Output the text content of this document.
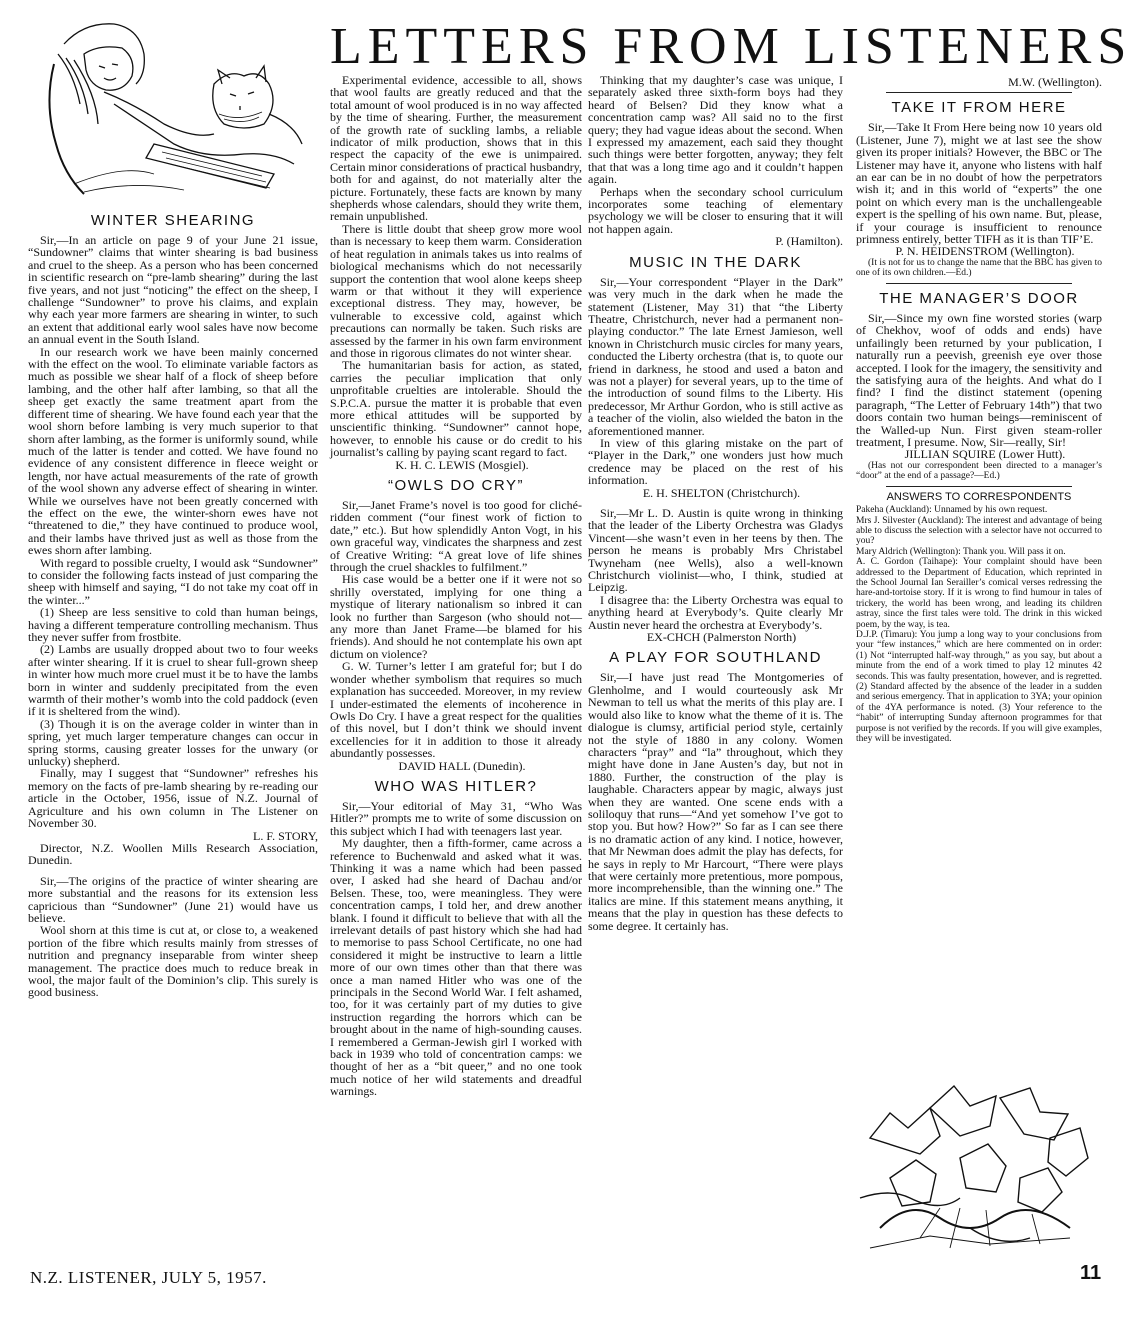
LETTERS FROM LISTENERS
WINTER SHEARING

Sir,—In an article on page 9 of your June 21 issue, “Sundowner” claims that winter shearing is bad business and cruel to the sheep. As a person who has been concerned in scientific research on “pre-lamb shearing” during the last five years, and not just “noticing” the effect on the sheep, I challenge “Sundowner” to prove his claims, and explain why each year more farmers are shearing in winter, to such an extent that additional early wool sales have now become an annual event in the South Island.

In our research work we have been mainly concerned with the effect on the wool. To eliminate variable factors as much as possible we shear half of a flock of sheep before lambing, and the other half after lambing, so that all the sheep get exactly the same treatment apart from the different time of shearing. We have found each year that the wool shorn before lambing is very much superior to that shorn after lambing, as the former is uniformly sound, while much of the latter is tender and cotted. We have found no evidence of any consistent difference in fleece weight or length, nor have actual measurements of the rate of growth of the wool shown any adverse effect of shearing in winter. While we ourselves have not been greatly concerned with the effect on the ewe, the winter-shorn ewes have not “threatened to die,” they have continued to produce wool, and their lambs have thrived just as well as those from the ewes shorn after lambing.

With regard to possible cruelty, I would ask “Sundowner” to consider the following facts instead of just comparing the sheep with himself and saying, “I do not take my coat off in the winter...”

(1) Sheep are less sensitive to cold than human beings, having a different temperature controlling mechanism. Thus they never suffer from frostbite.

(2) Lambs are usually dropped about two to four weeks after winter shearing. If it is cruel to shear full-grown sheep in winter how much more cruel must it be to have the lambs born in winter and suddenly precipitated from the even warmth of their mother’s womb into the cold paddock (even if it is sheltered from the wind).

(3) Though it is on the average colder in winter than in spring, yet much larger temperature changes can occur in spring storms, causing greater losses for the unwary (or unlucky) shepherd.

Finally, may I suggest that “Sundowner” refreshes his memory on the facts of pre-lamb shearing by re-reading our article in the October, 1956, issue of N.Z. Journal of Agriculture and his own column in The Listener on November 30.

L. F. STORY,

Director, N.Z. Woollen Mills Research Association, Dunedin.

Sir,—The origins of the practice of winter shearing are more substantial and the reasons for its extension less capricious than “Sundowner” (June 21) would have us believe.

Wool shorn at this time is cut at, or close to, a weakened portion of the fibre which results mainly from stresses of nutrition and pregnancy inseparable from winter sheep management. The practice does much to reduce break in wool, the major fault of the Dominion’s clip. This surely is good business.

Experimental evidence, accessible to all, shows that wool faults are greatly reduced and that the total amount of wool produced is in no way affected by the time of shearing. Further, the measurement of the growth rate of suckling lambs, a reliable indicator of milk production, shows that in this respect the capacity of the ewe is unimpaired. Certain minor considerations of practical husbandry, both for and against, do not materially alter the picture. Fortunately, these facts are known by many shepherds whose calendars, should they write them, remain unpublished.

There is little doubt that sheep grow more wool than is necessary to keep them warm. Consideration of heat regulation in animals takes us into realms of biological mechanisms which do not necessarily support the contention that wool alone keeps sheep warm or that without it they will experience exceptional distress. They may, however, be vulnerable to excessive cold, against which precautions can normally be taken. Such risks are assessed by the farmer in his own farm environment and those in rigorous climates do not winter shear.

The humanitarian basis for action, as stated, carries the peculiar implication that only unprofitable cruelties are intolerable. Should the S.P.C.A. pursue the matter it is probable that even more ethical attitudes will be supported by unscientific thinking. “Sundowner” cannot hope, however, to ennoble his cause or do credit to his journalist’s calling by paying scant regard to fact.

K. H. C. LEWIS (Mosgiel).

“OWLS DO CRY”

Sir,—Janet Frame’s novel is too good for cliché-ridden comment (“our finest work of fiction to date,” etc.). But how splendidly Anton Vogt, in his own graceful way, vindicates the sharpness and zest of Creative Writing: “A great love of life shines through the cruel shackles to fulfilment.”

His case would be a better one if it were not so shrilly overstated, implying for one thing a mystique of literary nationalism so inbred it can look no further than Sargeson (who should not—any more than Janet Frame—be blamed for his friends). And should he not contemplate his own apt dictum on violence?

G. W. Turner’s letter I am grateful for; but I do wonder whether symbolism that requires so much explanation has succeeded. Moreover, in my review I under-estimated the elements of incoherence in Owls Do Cry. I have a great respect for the qualities of this novel, but I don’t think we should invent excellencies for it in addition to those it already abundantly possesses.

DAVID HALL (Dunedin).

WHO WAS HITLER?

Sir,—Your editorial of May 31, “Who Was Hitler?” prompts me to write of some discussion on this subject which I had with teenagers last year.

My daughter, then a fifth-former, came across a reference to Buchenwald and asked what it was. Thinking it was a name which had been passed over, I asked had she heard of Dachau and/or Belsen. These, too, were meaningless. They were concentration camps, I told her, and drew another blank. I found it difficult to believe that with all the irrelevant details of past history which she had had to memorise to pass School Certificate, no one had considered it might be instructive to learn a little more of our own times other than that there was once a man named Hitler who was one of the principals in the Second World War. I felt ashamed, too, for it was certainly part of my duties to give instruction regarding the horrors which can be brought about in the name of high-sounding causes. I remembered a German-Jewish girl I worked with back in 1939 who told of concentration camps: we thought of her as a “bit queer,” and no one took much notice of her wild statements and dreadful warnings.

Thinking that my daughter’s case was unique, I separately asked three sixth-form boys had they heard of Belsen? Did they know what a concentration camp was? All said no to the first query; they had vague ideas about the second. When I expressed my amazement, each said they thought such things were better forgotten, anyway; they felt that that was a long time ago and it couldn’t happen again.

Perhaps when the secondary school curriculum incorporates some teaching of elementary psychology we will be closer to ensuring that it will not happen again.

P. (Hamilton).

MUSIC IN THE DARK

Sir,—Your correspondent “Player in the Dark” was very much in the dark when he made the statement (Listener, May 31) that “the Liberty Theatre, Christchurch, never had a permanent non-playing conductor.” The late Ernest Jamieson, well known in Christchurch music circles for many years, conducted the Liberty orchestra (that is, to quote our friend in darkness, he stood and used a baton and was not a player) for several years, up to the time of the introduction of sound films to the Liberty. His predecessor, Mr Arthur Gordon, who is still active as a teacher of the violin, also wielded the baton in the aforementioned manner.

In view of this glaring mistake on the part of “Player in the Dark,” one wonders just how much credence may be placed on the rest of his information.

E. H. SHELTON (Christchurch).

Sir,—Mr L. D. Austin is quite wrong in thinking that the leader of the Liberty Orchestra was Gladys Vincent—she wasn’t even in her teens by then. The person he means is probably Mrs Christabel Twyneham (nee Wells), also a well-known Christchurch violinist—who, I think, studied at Leipzig.

I disagree tha: the Liberty Orchestra was equal to anything heard at Everybody’s. Quite clearly Mr Austin never heard the orchestra at Everybody’s.

EX-CHCH (Palmerston North)

A PLAY FOR SOUTHLAND

Sir,—I have just read The Montgomeries of Glenholme, and I would courteously ask Mr Newman to tell us what the merits of this play are. I would also like to know what the theme of it is. The dialogue is clumsy, artificial period style, certainly not the style of 1880 in any colony. Women characters “pray” and “la” throughout, which they might have done in Jane Austen’s day, but not in 1880. Further, the construction of the play is laughable. Characters appear by magic, always just when they are wanted. One scene ends with a soliloquy that runs—“And yet somehow I’ve got to stop you. But how? How?” So far as I can see there is no dramatic action of any kind. I notice, however, that Mr Newman does admit the play has defects, for he says in reply to Mr Harcourt, “There were plays that were certainly more pretentious, more pompous, more incomprehensible, than the winning one.” The italics are mine. If this statement means anything, it means that the play in question has these defects to some degree. It certainly has.

M.W. (Wellington).

TAKE IT FROM HERE

Sir,—Take It From Here being now 10 years old (Listener, June 7), might we at last see the show given its proper initials? However, the BBC or The Listener may have it, anyone who listens with half an ear can be in no doubt of how the perpetrators wish it; and in this world of “experts” the one point on which every man is the unchallengeable expert is the spelling of his own name. But, please, if your courage is insufficient to renounce primness entirely, better TIFH as it is than TIF’E.

P. N. HEIDENSTROM (Wellington).

(It is not for us to change the name that the BBC has given to one of its own children.—Ed.)

THE MANAGER’S DOOR

Sir,—Since my own fine worsted stories (warp of Chekhov, woof of odds and ends) have unfailingly been returned by your publication, I naturally run a peevish, greenish eye over those accepted. I look for the imagery, the sensitivity and the satisfying aura of the heights. And what do I find? I find the distinct statement (opening paragraph, “The Letter of February 14th”) that two doors contain two human beings—reminiscent of the Walled-up Nun. First given steam-roller treatment, I presume. Now, Sir—really, Sir!

JILLIAN SQUIRE (Lower Hutt).

(Has not our correspondent been directed to a manager’s “door” at the end of a passage?—Ed.)

ANSWERS TO CORRESPONDENTS

Pakeha (Auckland): Unnamed by his own request.

Mrs J. Silvester (Auckland): The interest and advantage of being able to discuss the selection with a selector have not occurred to you?

Mary Aldrich (Wellington): Thank you. Will pass it on.

A. C. Gordon (Taihape): Your complaint should have been addressed to the Department of Education, which reprinted in the School Journal Ian Serailler’s comical verses redressing the hare-and-tortoise story. If it is wrong to find humour in tales of trickery, the world has been wrong, and leading its children astray, since the first tales were told. The drink in this wicked poem, by the way, is tea.

D.J.P. (Timaru): You jump a long way to your conclusions from your “few instances,” which are here commented on in order: (1) Not “interrupted half-way through,” as you say, but about a minute from the end of a work timed to play 12 minutes 42 seconds. This was faulty presentation, however, and is regretted. (2) Standard affected by the absence of the leader in a sudden and serious emergency. That in application to 3YA; your opinion of the 4YA performance is noted. (3) Your reference to the “habit” of interrupting Sunday afternoon programmes for that purpose is not verified by the records. If you will give examples, they will be investigated.

N.Z. LISTENER, JULY 5, 1957.	11
